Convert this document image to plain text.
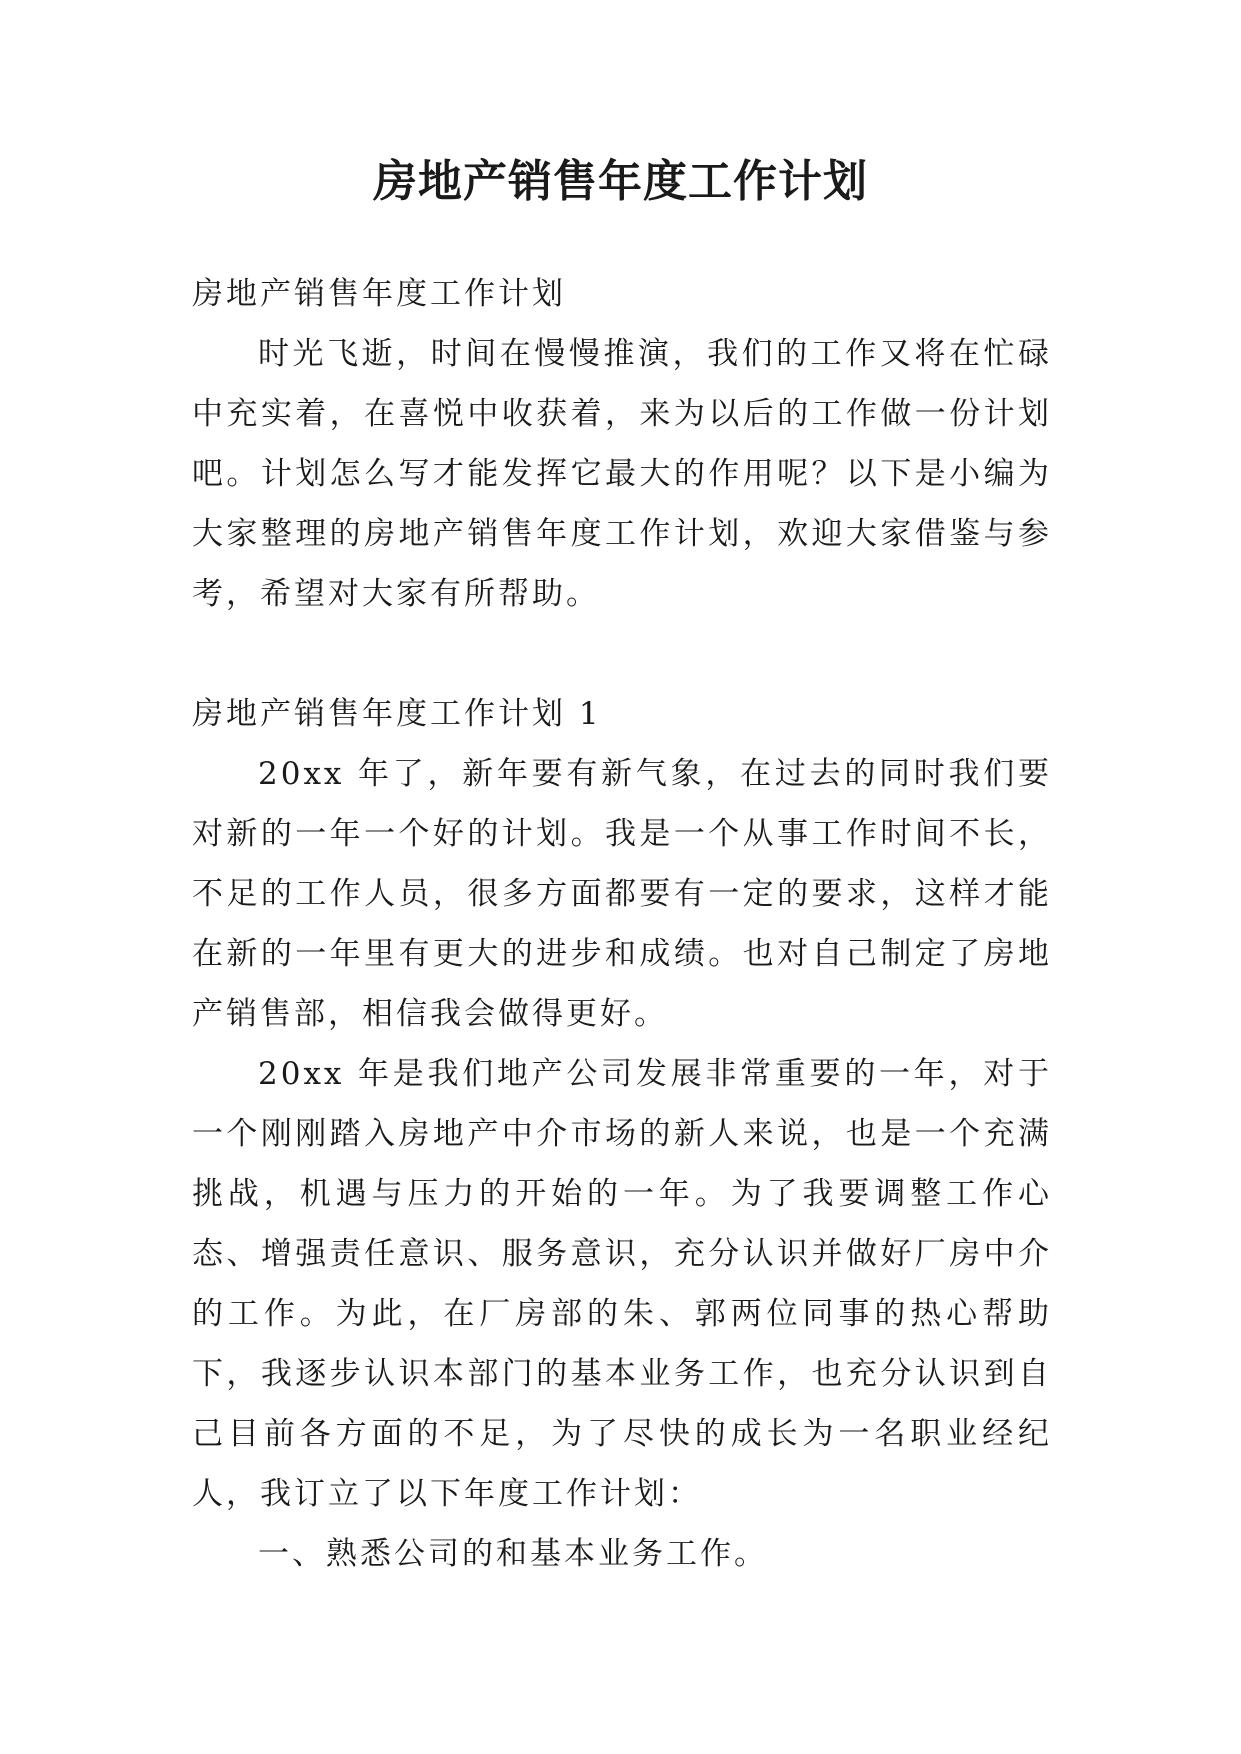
房地产销售年度工作计划

房地产销售年度工作计划

时光飞逝，时间在慢慢推演，我们的工作又将在忙碌中充实着，在喜悦中收获着，来为以后的工作做一份计划吧。计划怎么写才能发挥它最大的作用呢？以下是小编为大家整理的房地产销售年度工作计划，欢迎大家借鉴与参考，希望对大家有所帮助。

房地产销售年度工作计划 1

20xx 年了，新年要有新气象，在过去的同时我们要对新的一年一个好的计划。我是一个从事工作时间不长，不足的工作人员，很多方面都要有一定的要求，这样才能在新的一年里有更大的进步和成绩。也对自己制定了房地产销售部，相信我会做得更好。

20xx 年是我们地产公司发展非常重要的一年，对于一个刚刚踏入房地产中介市场的新人来说，也是一个充满挑战，机遇与压力的开始的一年。为了我要调整工作心态、增强责任意识、服务意识，充分认识并做好厂房中介的工作。为此，在厂房部的朱、郭两位同事的热心帮助下，我逐步认识本部门的基本业务工作，也充分认识到自己目前各方面的不足，为了尽快的成长为一名职业经纪人，我订立了以下年度工作计划：

一、熟悉公司的和基本业务工作。
